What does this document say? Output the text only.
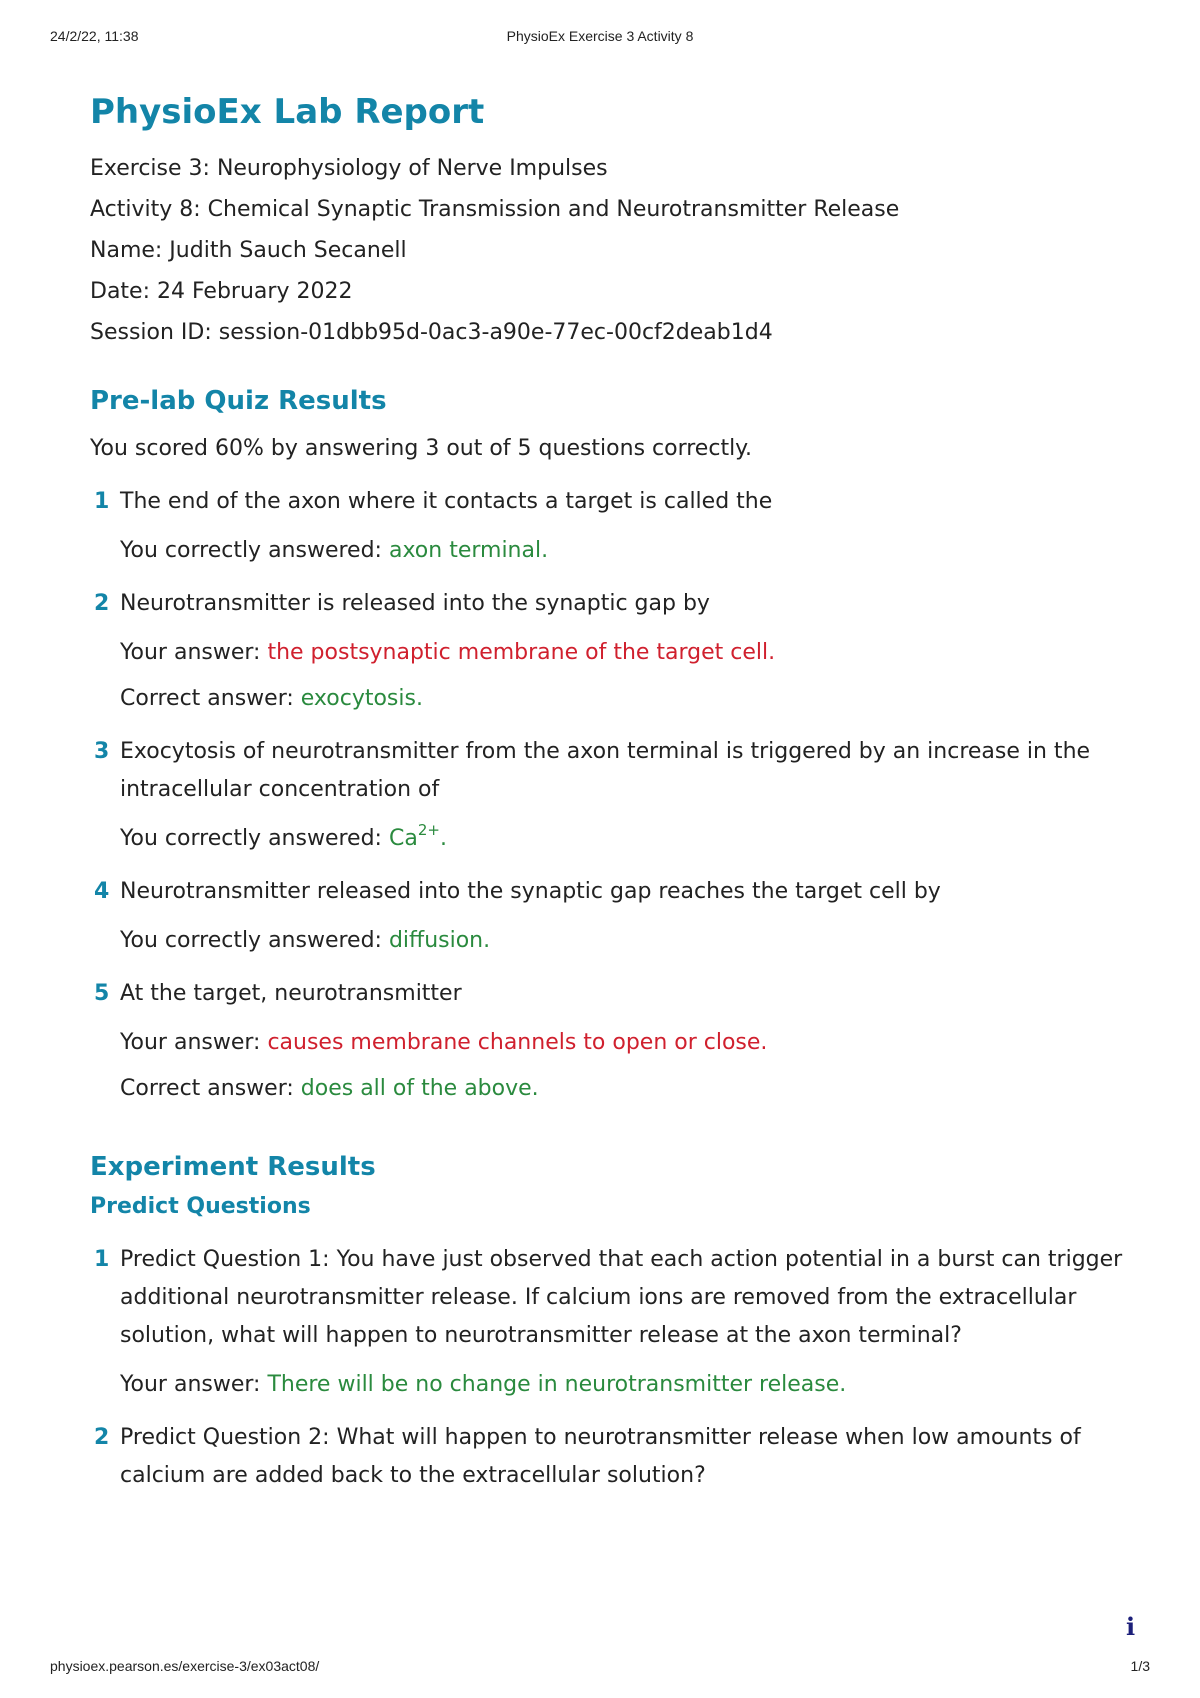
24/2/22, 11:38	PhysioEx Exercise 3 Activity 8
PhysioEx Lab Report
Exercise 3: Neurophysiology of Nerve Impulses
Activity 8: Chemical Synaptic Transmission and Neurotransmitter Release
Name: Judith Sauch Secanell
Date: 24 February 2022
Session ID: session-01dbb95d-0ac3-a90e-77ec-00cf2deab1d4
Pre-lab Quiz Results
You scored 60% by answering 3 out of 5 questions correctly.
1 The end of the axon where it contacts a target is called the
You correctly answered: axon terminal.
2 Neurotransmitter is released into the synaptic gap by
Your answer: the postsynaptic membrane of the target cell.
Correct answer: exocytosis.
3 Exocytosis of neurotransmitter from the axon terminal is triggered by an increase in the intracellular concentration of
You correctly answered: $Ca^{2+}$.
4 Neurotransmitter released into the synaptic gap reaches the target cell by
You correctly answered: diffusion.
5 At the target, neurotransmitter
Your answer: causes membrane channels to open or close.
Correct answer: does all of the above.
Experiment Results
Predict Questions
1 Predict Question 1: You have just observed that each action potential in a burst can trigger additional neurotransmitter release. If calcium ions are removed from the extracellular solution, what will happen to neurotransmitter release at the axon terminal?
Your answer: There will be no change in neurotransmitter release.
2 Predict Question 2: What will happen to neurotransmitter release when low amounts of calcium are added back to the extracellular solution?
i
physioex.pearson.es/exercise-3/ex03act08/	1/3
